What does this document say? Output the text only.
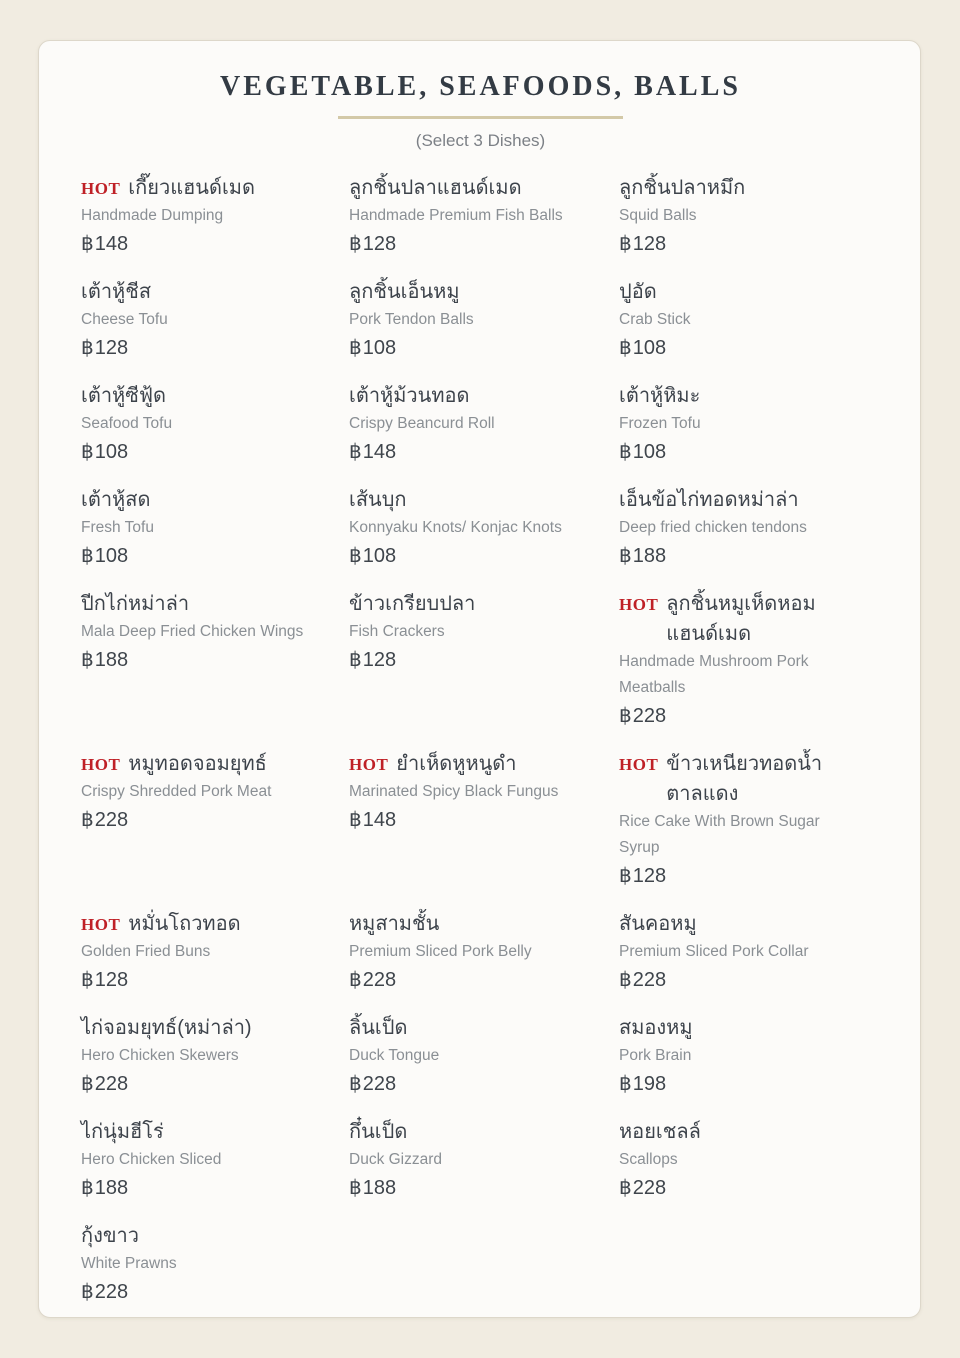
VEGETABLE, SEAFOODS, BALLS
(Select 3 Dishes)
HOT เกี๊ยวแฮนด์เมด
Handmade Dumping
฿148
ลูกชิ้นปลาแฮนด์เมด
Handmade Premium Fish Balls
฿128
ลูกชิ้นปลาหมึก
Squid Balls
฿128
เต้าหู้ชีส
Cheese Tofu
฿128
ลูกชิ้นเอ็นหมู
Pork Tendon Balls
฿108
ปูอัด
Crab Stick
฿108
เต้าหู้ซีฟู้ด
Seafood Tofu
฿108
เต้าหู้ม้วนทอด
Crispy Beancurd Roll
฿148
เต้าหู้หิมะ
Frozen Tofu
฿108
เต้าหู้สด
Fresh Tofu
฿108
เส้นบุก
Konnyaku Knots/ Konjac Knots
฿108
เอ็นข้อไก่ทอดหม่าล่า
Deep fried chicken tendons
฿188
ปีกไก่หม่าล่า
Mala Deep Fried Chicken Wings
฿188
ข้าวเกรียบปลา
Fish Crackers
฿128
HOT ลูกชิ้นหมูเห็ดหอมแฮนด์​เมด
Handmade Mushroom Pork Meatballs
฿228
HOT หมูทอดจอมยุทธ์
Crispy Shredded Pork Meat
฿228
HOT ยำเห็ดหูหนูดำ
Marinated Spicy Black Fungus
฿148
HOT ข้าวเหนียวทอดน้ำตาล​แดง
Rice Cake With Brown Sugar Syrup
฿128
HOT หมั่นโถวทอด
Golden Fried Buns
฿128
หมูสามชั้น
Premium Sliced Pork Belly
฿228
สันคอหมู
Premium Sliced Pork Collar
฿228
ไก่จอมยุทธ์(หม่าล่า)
Hero Chicken Skewers
฿228
ลิ้นเป็ด
Duck Tongue
฿228
สมองหมู
Pork Brain
฿198
ไก่นุ่มฮีโร่
Hero Chicken Sliced
฿188
กึ๋นเป็ด
Duck Gizzard
฿188
หอยเชลล์
Scallops
฿228
กุ้งขาว
White Prawns
฿228
